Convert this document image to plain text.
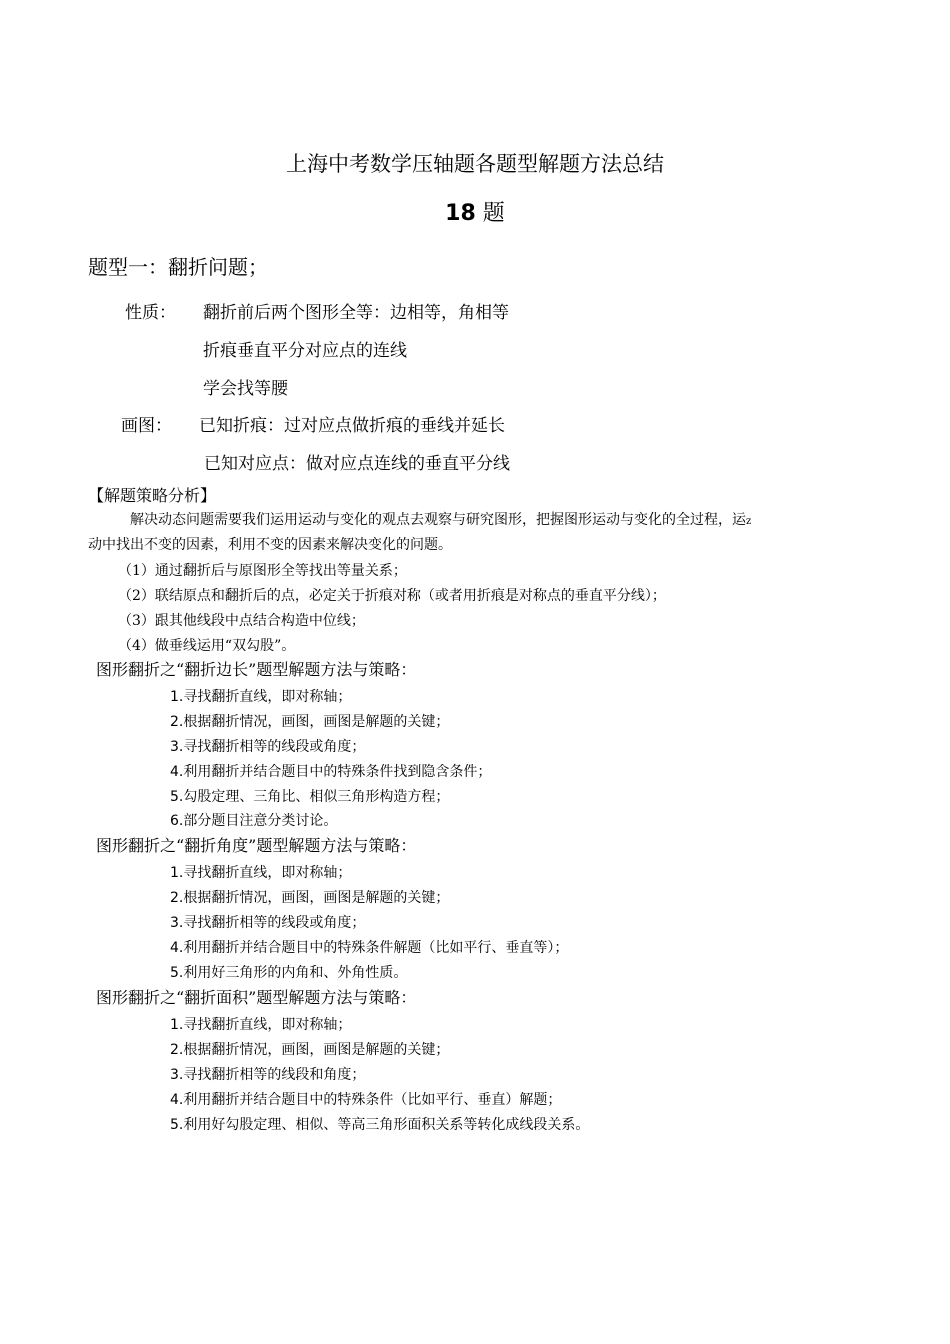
上海中考数学压轴题各题型解题方法总结
18 题
题型一：翻折问题；
性质： 翻折前后两个图形全等：边相等，角相等
折痕垂直平分对应点的连线
学会找等腰
画图： 已知折痕：过对应点做折痕的垂线并延长
已知对应点：做对应点连线的垂直平分线
【解题策略分析】
解决动态问题需要我们运用运动与变化的观点去观察与研究图形，把握图形运动与变化的全过程，运z
动中找出不变的因素，利用不变的因素来解决变化的问题。
（1）通过翻折后与原图形全等找出等量关系；
（2）联结原点和翻折后的点，必定关于折痕对称（或者用折痕是对称点的垂直平分线）；
（3）跟其他线段中点结合构造中位线；
（4）做垂线运用“双勾股”。
图形翻折之“翻折边长”题型解题方法与策略：
1.寻找翻折直线，即对称轴；
2.根据翻折情况，画图，画图是解题的关键；
3.寻找翻折相等的线段或角度；
4.利用翻折并结合题目中的特殊条件找到隐含条件；
5.勾股定理、三角比、相似三角形构造方程；
6.部分题目注意分类讨论。
图形翻折之“翻折角度”题型解题方法与策略：
1.寻找翻折直线，即对称轴；
2.根据翻折情况，画图，画图是解题的关键；
3.寻找翻折相等的线段或角度；
4.利用翻折并结合题目中的特殊条件解题（比如平行、垂直等）；
5.利用好三角形的内角和、外角性质。
图形翻折之“翻折面积”题型解题方法与策略：
1.寻找翻折直线，即对称轴；
2.根据翻折情况，画图，画图是解题的关键；
3.寻找翻折相等的线段和角度；
4.利用翻折并结合题目中的特殊条件（比如平行、垂直）解题；
5.利用好勾股定理、相似、等高三角形面积关系等转化成线段关系。
